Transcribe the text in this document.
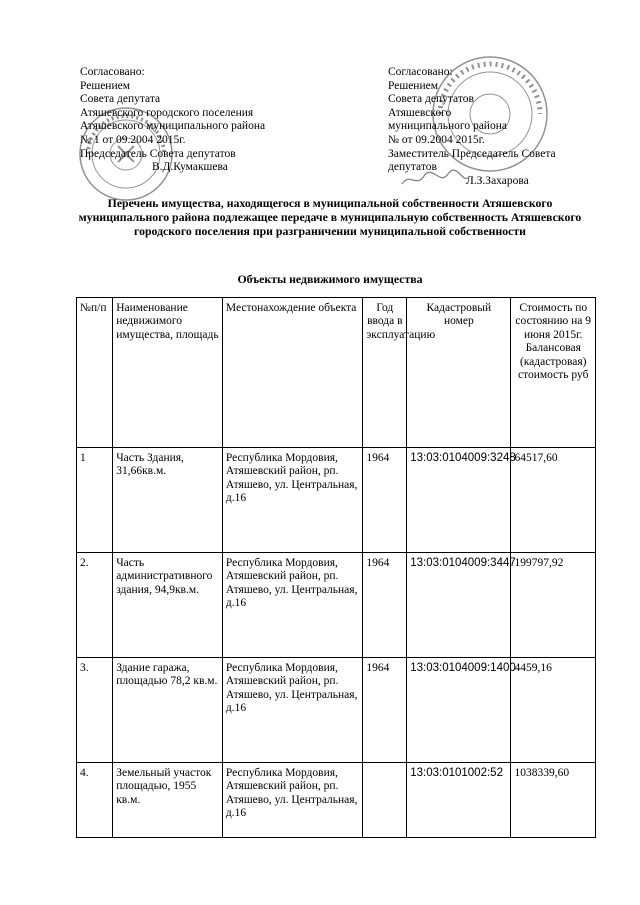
Согласовано:
Решением
Совета депутата
Атяшевского городского поселения
Атяшевского муниципального района
№ 1 от 09.2004 2015г.
Председатель Совета депутатов
В.Д.Кумакшева
Согласовано:
Решением
Совета депутатов
Атяшевского
муниципального района
№ от 09.2004 2015г.
Заместитель Председатель Совета
депутатов
Л.З.Захарова
Перечень имущества, находящегося в муниципальной собственности Атяшевского муниципального района подлежащее передаче в муниципальную собственность Атяшевского городского поселения при разграничении муниципальной собственности
Объекты недвижимого имущества
№п/п	Наименование недвижимого имущества, площадь	Местонахождение объекта	Год ввода в эксплуатацию	Кадастровый номер	Стоимость по состоянию на 9 июня 2015г. Балансовая (кадастровая) стоимость руб
1	Часть Здания, 31,66кв.м.	Республика Мордовия, Атяшевский район, рп. Атяшево, ул. Центральная, д.16	1964	13:03:0104009:3248	64517,60
2.	Часть административного здания, 94,9кв.м.	Республика Мордовия, Атяшевский район, рп. Атяшево, ул. Центральная, д.16	1964	13:03:0104009:3447	199797,92
3.	Здание гаража, площадью 78,2 кв.м.	Республика Мордовия, Атяшевский район, рп. Атяшево, ул. Центральная, д.16	1964	13:03:0104009:1400	4459,16
4.	Земельный участок площадью, 1955 кв.м.	Республика Мордовия, Атяшевский район, рп. Атяшево, ул. Центральная, д.16		13:03:0101002:52	1038339,60
